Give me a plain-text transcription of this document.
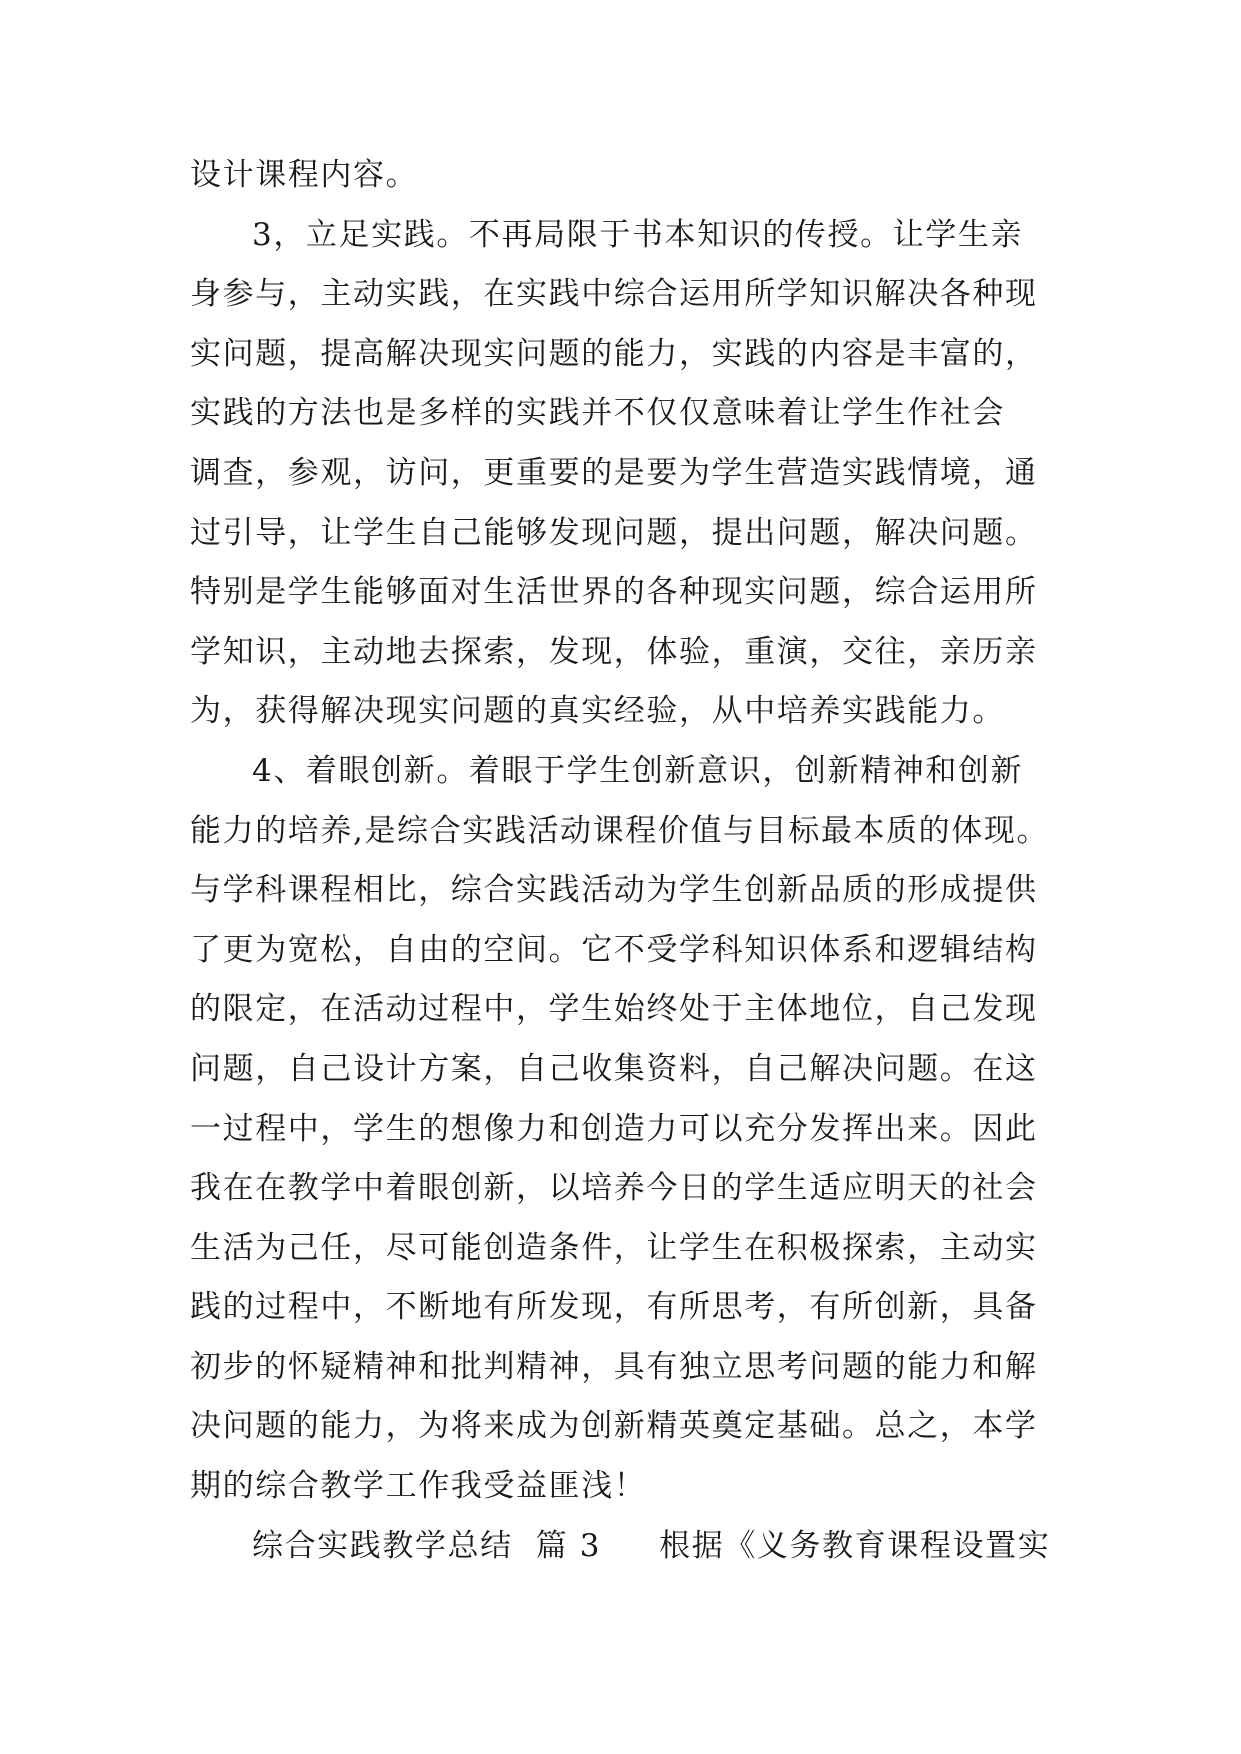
设计课程内容。
3，立足实践。不再局限于书本知识的传授。让学生亲
身参与，主动实践，在实践中综合运用所学知识解决各种现
实问题，提高解决现实问题的能力，实践的内容是丰富的，
实践的方法也是多样的实践并不仅仅意味着让学生作社会
调查，参观，访问，更重要的是要为学生营造实践情境，通
过引导，让学生自己能够发现问题，提出问题，解决问题。
特别是学生能够面对生活世界的各种现实问题，综合运用所
学知识，主动地去探索，发现，体验，重演，交往，亲历亲
为，获得解决现实问题的真实经验，从中培养实践能力。
4、着眼创新。着眼于学生创新意识，创新精神和创新
能力的培养,是综合实践活动课程价值与目标最本质的体现。
与学科课程相比，综合实践活动为学生创新品质的形成提供
了更为宽松，自由的空间。它不受学科知识体系和逻辑结构
的限定，在活动过程中，学生始终处于主体地位，自己发现
问题，自己设计方案，自己收集资料，自己解决问题。在这
一过程中，学生的想像力和创造力可以充分发挥出来。因此
我在在教学中着眼创新，以培养今日的学生适应明天的社会
生活为己任，尽可能创造条件，让学生在积极探索，主动实
践的过程中，不断地有所发现，有所思考，有所创新，具备
初步的怀疑精神和批判精神，具有独立思考问题的能力和解
决问题的能力，为将来成为创新精英奠定基础。总之，本学
期的综合教学工作我受益匪浅！
综合实践教学总结  篇 3 根据《义务教育课程设置实
